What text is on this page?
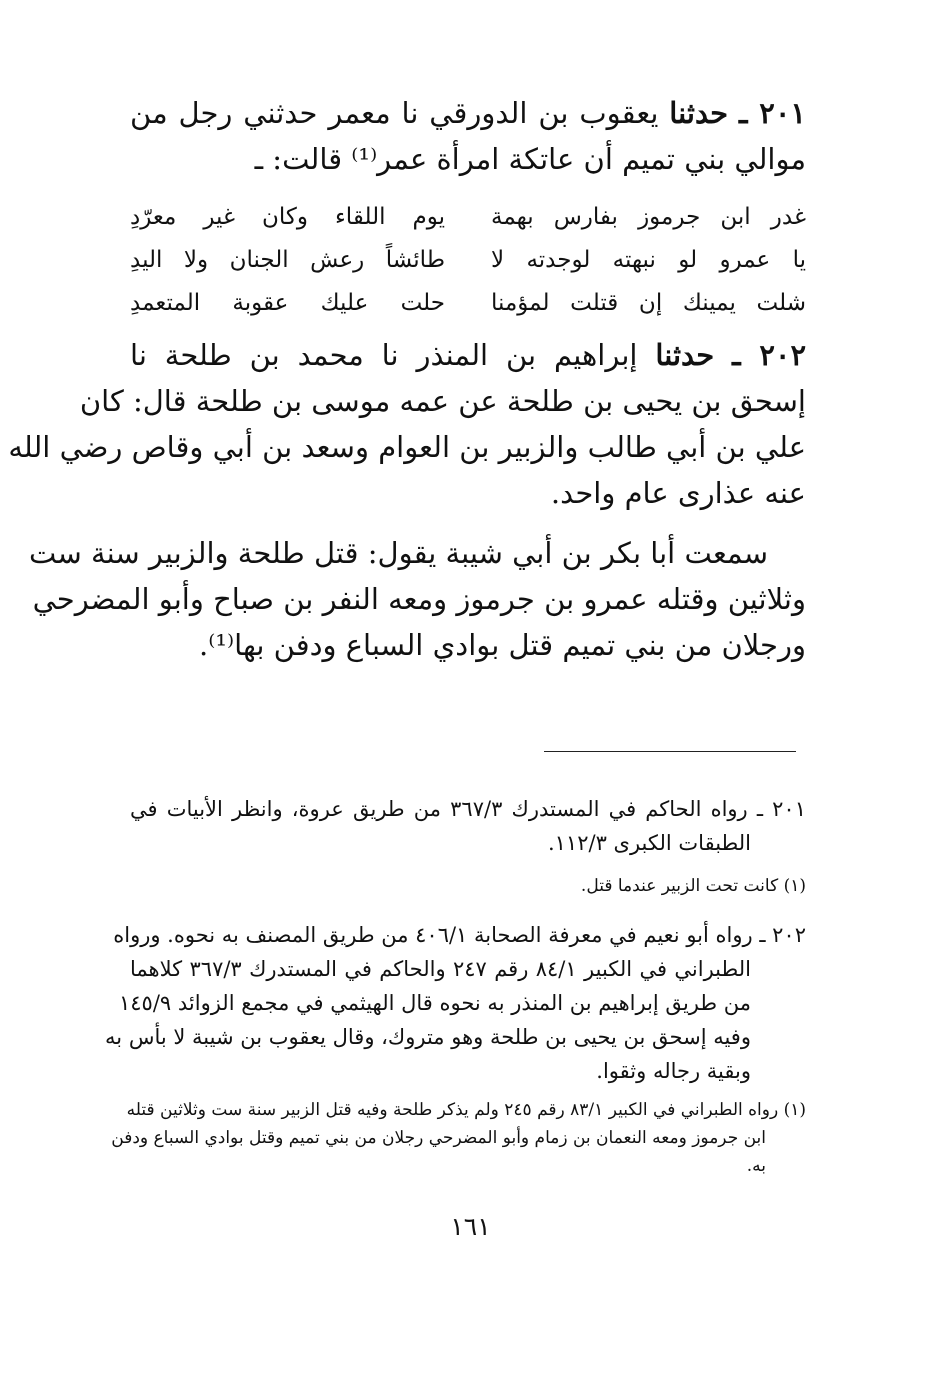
٢٠١ ـ حدثنا يعقوب بن الدورقي نا معمر حدثني رجل من
موالي بني تميم أن عاتكة امرأة عمر⁽¹⁾ قالت: ـ
غدر ابن جرموز بفارس بهمة
يوم اللقاء وكان غير معرّدِ
يا عمرو لو نبهته لوجدته لا
طائشاً رعش الجنان ولا اليدِ
شلت يمينك إن قتلت لمؤمنا
حلت عليك عقوبة المتعمدِ
٢٠٢ ـ حدثنا إبراهيم بن المنذر نا محمد بن طلحة نا
إسحق بن يحيى بن طلحة عن عمه موسى بن طلحة قال: كان
علي بن أبي طالب والزبير بن العوام وسعد بن أبي وقاص رضي الله
عنه عذارى عام واحد.
سمعت أبا بكر بن أبي شيبة يقول: قتل طلحة والزبير سنة ست
وثلاثين وقتله عمرو بن جرموز ومعه النفر بن صباح وأبو المضرحي
ورجلان من بني تميم قتل بوادي السباع ودفن بها⁽¹⁾.
٢٠١ ـ رواه الحاكم في المستدرك ٣٦٧/٣ من طريق عروة، وانظر الأبيات في
الطبقات الكبرى ١١٢/٣.
(١) كانت تحت الزبير عندما قتل.
٢٠٢ ـ رواه أبو نعيم في معرفة الصحابة ٤٠٦/١ من طريق المصنف به نحوه. ورواه
الطبراني في الكبير ٨٤/١ رقم ٢٤٧ والحاكم في المستدرك ٣٦٧/٣ كلاهما
من طريق إبراهيم بن المنذر به نحوه قال الهيثمي في مجمع الزوائد ١٤٥/٩
وفيه إسحق بن يحيى بن طلحة وهو متروك، وقال يعقوب بن شيبة لا بأس به
وبقية رجاله وثقوا.
(١) رواه الطبراني في الكبير ٨٣/١ رقم ٢٤٥ ولم يذكر طلحة وفيه قتل الزبير سنة ست وثلاثين قتله
ابن جرموز ومعه النعمان بن زمام وأبو المضرحي رجلان من بني تميم وقتل بوادي السباع ودفن
به.
١٦١
